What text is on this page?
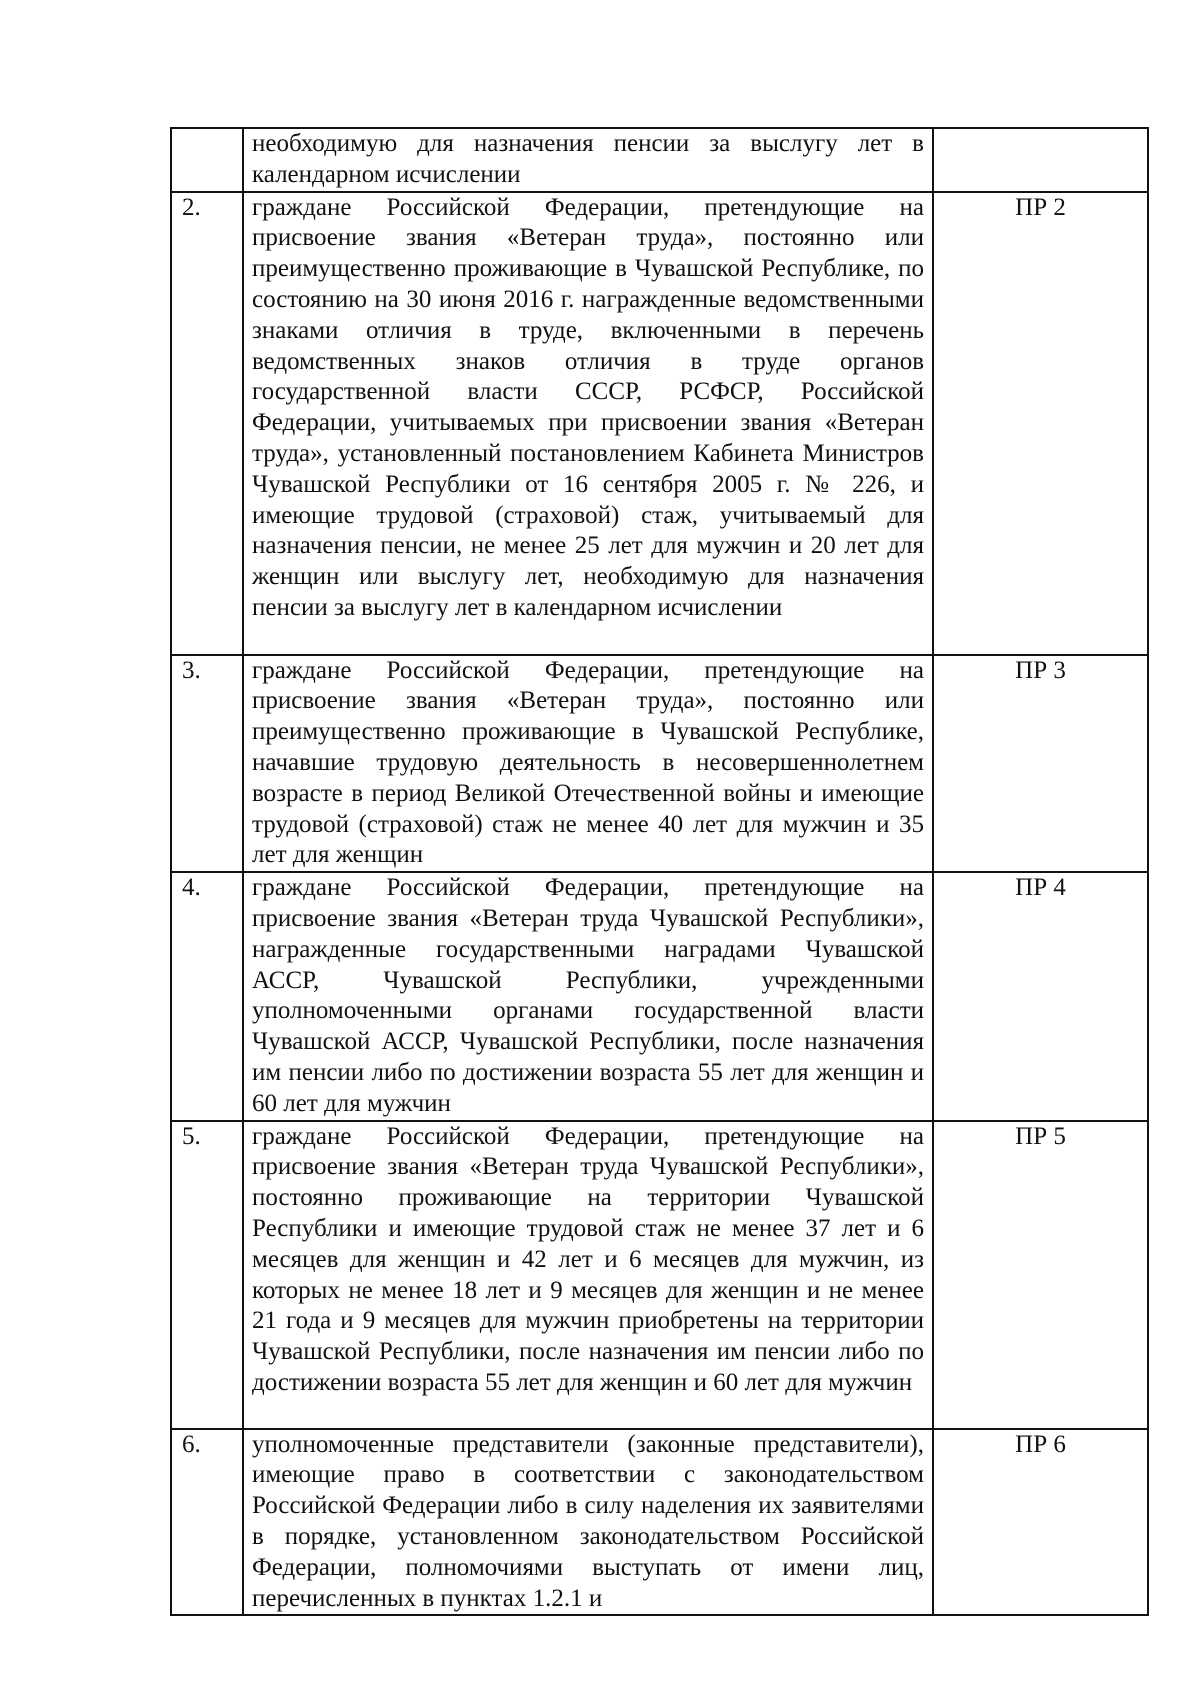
	необходимую для назначения пенсии за выслугу лет в календарном исчислении	

2.	граждане Российской Федерации, претендующие на присвоение звания «Ветеран труда», постоянно или преимущественно проживающие в Чувашской Республике, по состоянию на 30 июня 2016 г. награжденные ведомственными знаками отличия в труде, включенными в перечень ведомственных знаков отличия в труде органов государственной власти СССР, РСФСР, Российской Федерации, учитываемых при присвоении звания «Ветеран труда», установленный постановлением Кабинета Министров Чувашской Республики от 16 сентября 2005 г. № 226, и имеющие трудовой (страховой) стаж, учитываемый для назначения пенсии, не менее 25 лет для мужчин и 20 лет для женщин или выслугу лет, необходимую для назначения пенсии за выслугу лет в календарном исчислении	ПР 2
3.	граждане Российской Федерации, претендующие на присвоение звания «Ветеран труда», постоянно или преимущественно проживающие в Чувашской Республике, начавшие трудовую деятельность в несовершеннолетнем возрасте в период Великой Отечественной войны и имеющие трудовой (страховой) стаж не менее 40 лет для мужчин и 35 лет для женщин	ПР 3
4.	граждане Российской Федерации, претендующие на присвоение звания «Ветеран труда Чувашской Республики», награжденные государственными наградами Чувашской АССР, Чувашской Республики, учрежденными уполномоченными органами государственной власти Чувашской АССР, Чувашской Республики, после назначения им пенсии либо по достижении возраста 55 лет для женщин и 60 лет для мужчин	ПР 4
5.	граждане Российской Федерации, претендующие на присвоение звания «Ветеран труда Чувашской Республики», постоянно проживающие на территории Чувашской Республики и имеющие трудовой стаж не менее 37 лет и 6 месяцев для женщин и 42 лет и 6 месяцев для мужчин, из которых не менее 18 лет и 9 месяцев для женщин и не менее 21 года и 9 месяцев для мужчин приобретены на территории Чувашской Республики, после назначения им пенсии либо по достижении возраста 55 лет для женщин и 60 лет для мужчин	ПР 5
6.	уполномоченные представители (законные представители), имеющие право в соответствии с законодательством Российской Федерации либо в силу наделения их заявителями в порядке, установленном законодательством Российской Федерации, полномочиями выступать от имени лиц, перечисленных в пунктах 1.2.1 и	ПР 6
